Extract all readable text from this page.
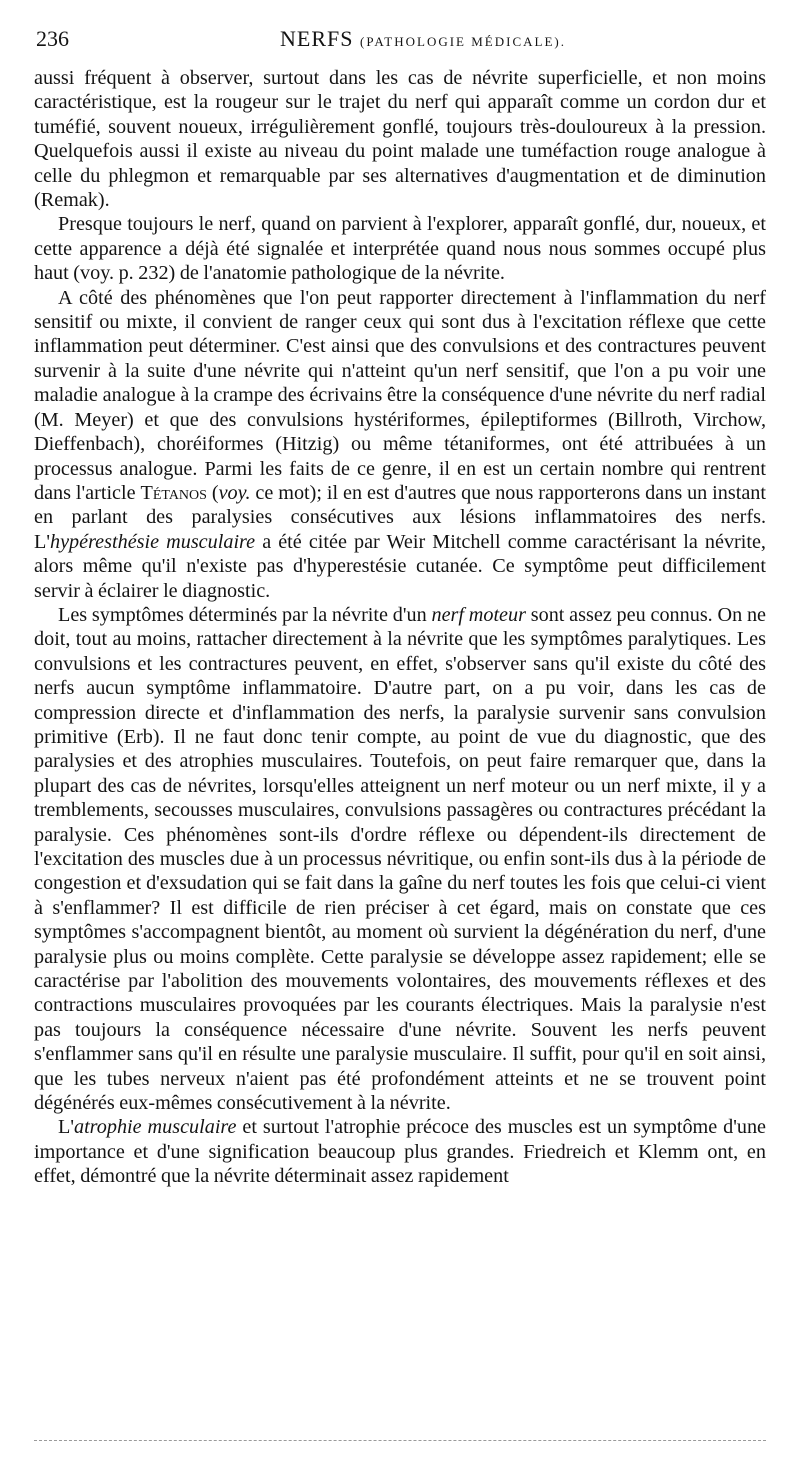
236	NERFS (PATHOLOGIE MÉDICALE).

aussi fréquent à observer, surtout dans les cas de névrite superficielle, et non moins caractéristique, est la rougeur sur le trajet du nerf qui apparaît comme un cordon dur et tuméfié, souvent noueux, irrégulièrement gonflé, toujours très-douloureux à la pression. Quelquefois aussi il existe au niveau du point malade une tuméfaction rouge analogue à celle du phlegmon et remarquable par ses alternatives d'augmentation et de diminution (Remak).

Presque toujours le nerf, quand on parvient à l'explorer, apparaît gonflé, dur, noueux, et cette apparence a déjà été signalée et interprétée quand nous nous sommes occupé plus haut (voy. p. 232) de l'anatomie pathologique de la névrite.

A côté des phénomènes que l'on peut rapporter directement à l'inflammation du nerf sensitif ou mixte, il convient de ranger ceux qui sont dus à l'excitation réflexe que cette inflammation peut déterminer. C'est ainsi que des convulsions et des contractures peuvent survenir à la suite d'une névrite qui n'atteint qu'un nerf sensitif, que l'on a pu voir une maladie analogue à la crampe des écrivains être la conséquence d'une névrite du nerf radial (M. Meyer) et que des convulsions hystériformes, épileptiformes (Billroth, Virchow, Dieffenbach), choréiformes (Hitzig) ou même tétaniformes, ont été attribuées à un processus analogue. Parmi les faits de ce genre, il en est un certain nombre qui rentrent dans l'article Tétanos (voy. ce mot); il en est d'autres que nous rapporterons dans un instant en parlant des paralysies consécutives aux lésions inflammatoires des nerfs. L'hypéresthésie musculaire a été citée par Weir Mitchell comme caractérisant la névrite, alors même qu'il n'existe pas d'hyperestésie cutanée. Ce symptôme peut difficilement servir à éclairer le diagnostic.

Les symptômes déterminés par la névrite d'un nerf moteur sont assez peu connus. On ne doit, tout au moins, rattacher directement à la névrite que les symptômes paralytiques. Les convulsions et les contractures peuvent, en effet, s'observer sans qu'il existe du côté des nerfs aucun symptôme inflammatoire. D'autre part, on a pu voir, dans les cas de compression directe et d'inflammation des nerfs, la paralysie survenir sans convulsion primitive (Erb). Il ne faut donc tenir compte, au point de vue du diagnostic, que des paralysies et des atrophies musculaires. Toutefois, on peut faire remarquer que, dans la plupart des cas de névrites, lorsqu'elles atteignent un nerf moteur ou un nerf mixte, il y a tremblements, secousses musculaires, convulsions passagères ou contractures précédant la paralysie. Ces phénomènes sont-ils d'ordre réflexe ou dépendent-ils directement de l'excitation des muscles due à un processus névritique, ou enfin sont-ils dus à la période de congestion et d'exsudation qui se fait dans la gaîne du nerf toutes les fois que celui-ci vient à s'enflammer? Il est difficile de rien préciser à cet égard, mais on constate que ces symptômes s'accompagnent bientôt, au moment où survient la dégénération du nerf, d'une paralysie plus ou moins complète. Cette paralysie se développe assez rapidement; elle se caractérise par l'abolition des mouvements volontaires, des mouvements réflexes et des contractions musculaires provoquées par les courants électriques. Mais la paralysie n'est pas toujours la conséquence nécessaire d'une névrite. Souvent les nerfs peuvent s'enflammer sans qu'il en résulte une paralysie musculaire. Il suffit, pour qu'il en soit ainsi, que les tubes nerveux n'aient pas été profondément atteints et ne se trouvent point dégénérés eux-mêmes consécutivement à la névrite.

L'atrophie musculaire et surtout l'atrophie précoce des muscles est un symptôme d'une importance et d'une signification beaucoup plus grandes. Friedreich et Klemm ont, en effet, démontré que la névrite déterminait assez rapidement
